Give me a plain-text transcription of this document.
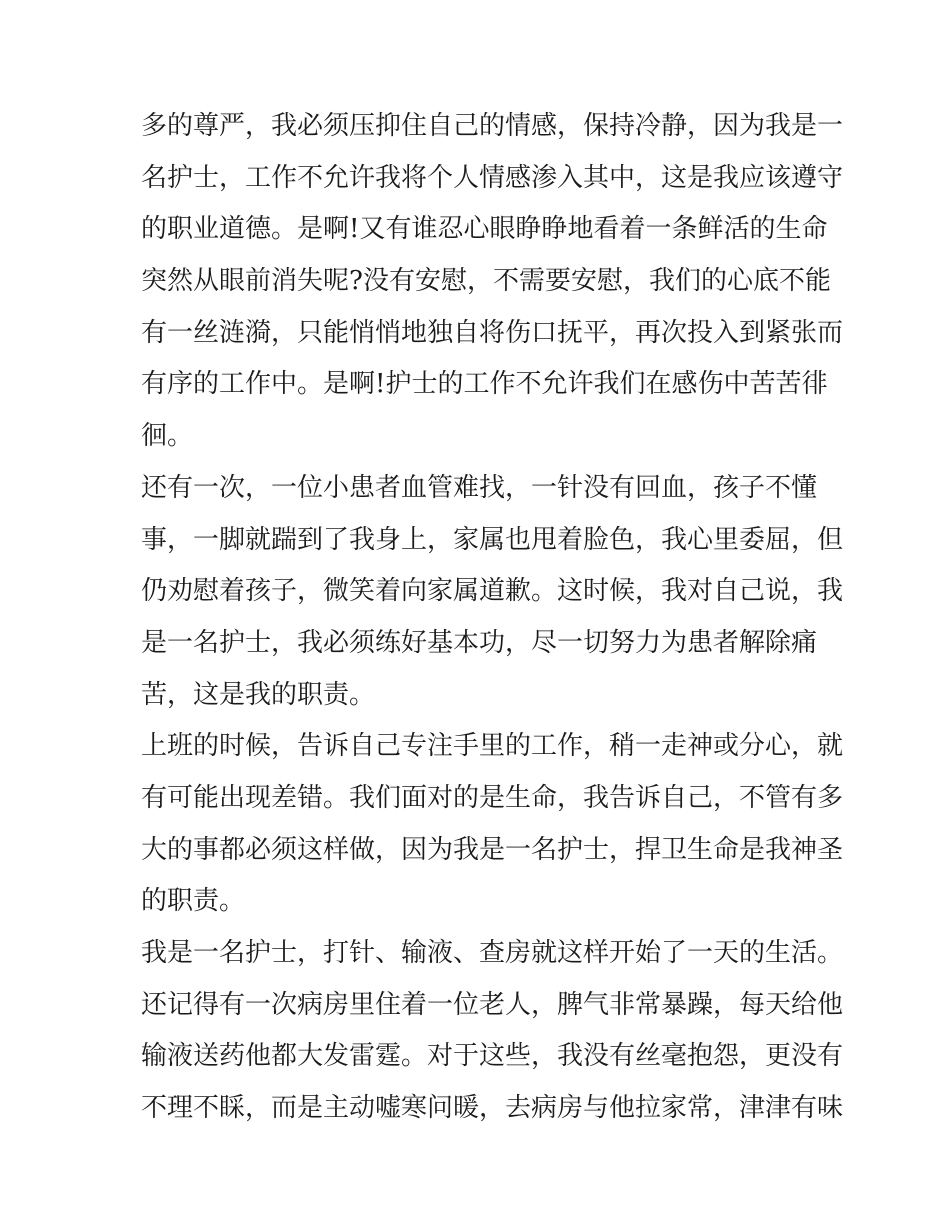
多的尊严，我必须压抑住自己的情感，保持冷静，因为我是一
名护士，工作不允许我将个人情感渗入其中，这是我应该遵守
的职业道德。是啊!又有谁忍心眼睁睁地看着一条鲜活的生命
突然从眼前消失呢?没有安慰，不需要安慰，我们的心底不能
有一丝涟漪，只能悄悄地独自将伤口抚平，再次投入到紧张而
有序的工作中。是啊!护士的工作不允许我们在感伤中苦苦徘
徊。
还有一次，一位小患者血管难找，一针没有回血，孩子不懂
事，一脚就踹到了我身上，家属也甩着脸色，我心里委屈，但
仍劝慰着孩子，微笑着向家属道歉。这时候，我对自己说，我
是一名护士，我必须练好基本功，尽一切努力为患者解除痛
苦，这是我的职责。
上班的时候，告诉自己专注手里的工作，稍一走神或分心，就
有可能出现差错。我们面对的是生命，我告诉自己，不管有多
大的事都必须这样做，因为我是一名护士，捍卫生命是我神圣
的职责。
我是一名护士，打针、输液、查房就这样开始了一天的生活。
还记得有一次病房里住着一位老人，脾气非常暴躁，每天给他
输液送药他都大发雷霆。对于这些，我没有丝毫抱怨，更没有
不理不睬，而是主动嘘寒问暖，去病房与他拉家常，津津有味
